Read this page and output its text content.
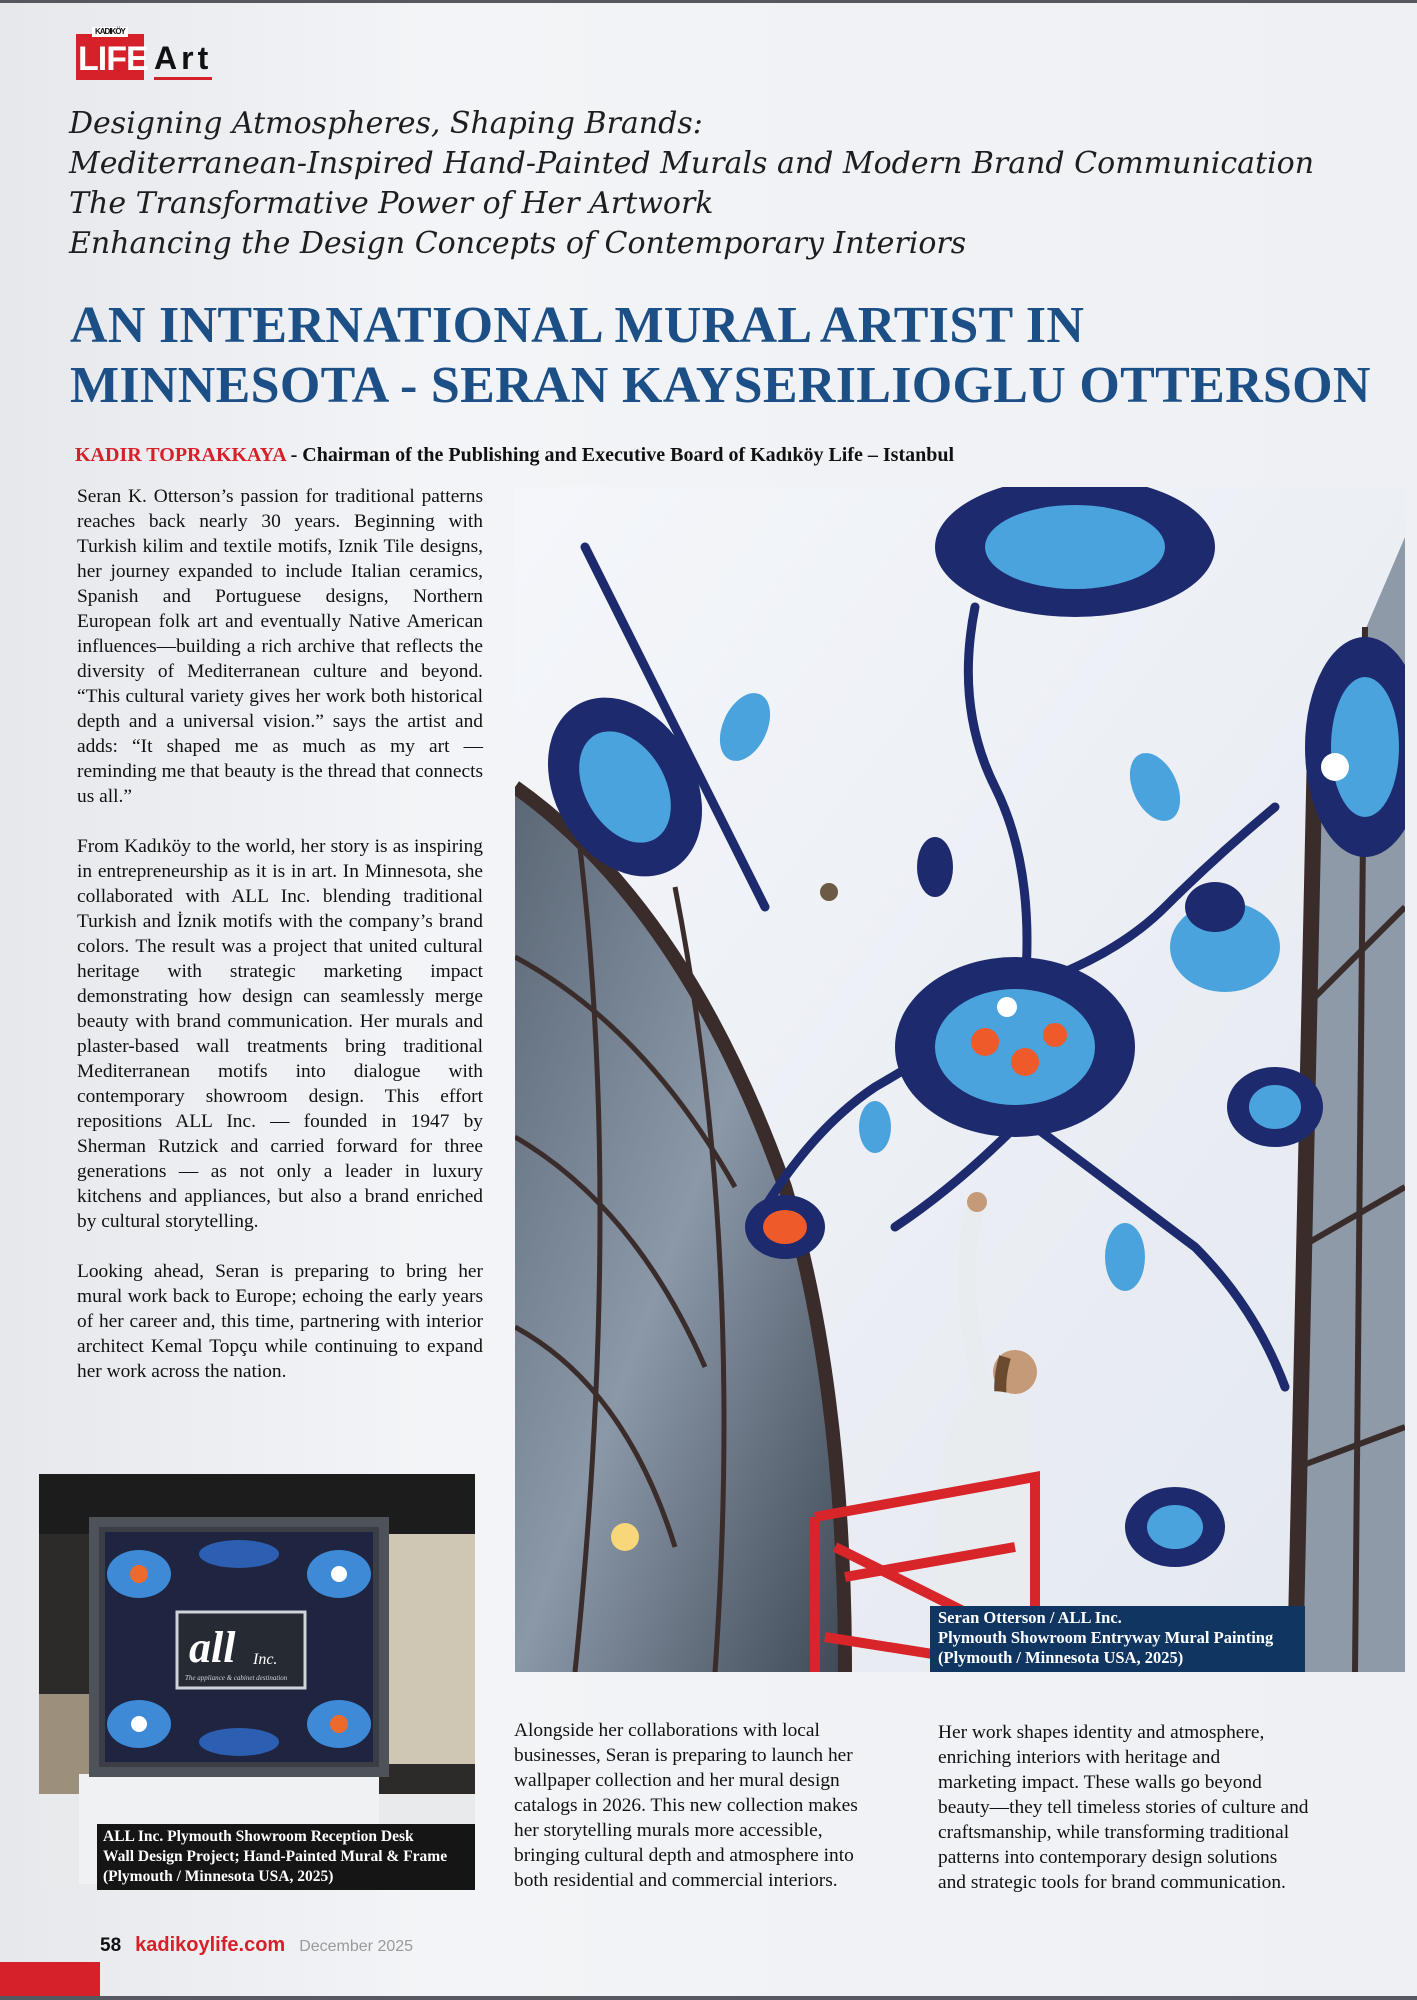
KADIKÖY
LIFE Art
Designing Atmospheres, Shaping Brands:
Mediterranean-Inspired Hand-Painted Murals and Modern Brand Communication
The Transformative Power of Her Artwork
Enhancing the Design Concepts of Contemporary Interiors
AN INTERNATIONAL MURAL ARTIST IN
MINNESOTA - SERAN KAYSERILIOGLU OTTERSON
KADIR TOPRAKKAYA - Chairman of the Publishing and Executive Board of Kadıköy Life – Istanbul

Seran K. Otterson’s passion for traditional patterns reaches back nearly 30 years. Beginning with Turkish kilim and textile motifs, Iznik Tile designs, her journey expanded to include Italian ceramics, Spanish and Portuguese designs, Northern European folk art and eventually Native American influences—building a rich archive that reflects the diversity of Mediterranean culture and beyond. “This cultural variety gives her work both historical depth and a universal vision.” says the artist and adds: “It shaped me as much as my art — reminding me that beauty is the thread that connects us all.”

From Kadıköy to the world, her story is as inspiring in entrepreneurship as it is in art. In Minnesota, she collaborated with ALL Inc. blending traditional Turkish and İznik motifs with the company’s brand colors. The result was a project that united cultural heritage with strategic marketing impact demonstrating how design can seamlessly merge beauty with brand communication. Her murals and plaster-based wall treatments bring traditional Mediterranean motifs into dialogue with contemporary showroom design. This effort repositions ALL Inc. — founded in 1947 by Sherman Rutzick and carried forward for three generations — as not only a leader in luxury kitchens and appliances, but also a brand enriched by cultural storytelling.

Looking ahead, Seran is preparing to bring her mural work back to Europe; echoing the early years of her career and, this time, partnering with interior architect Kemal Topçu while continuing to expand her work across the nation.

Seran Otterson / ALL Inc.
Plymouth Showroom Entryway Mural Painting
(Plymouth / Minnesota USA, 2025)
all Inc.
The appliance & cabinet destination
ALL Inc. Plymouth Showroom Reception Desk
Wall Design Project; Hand-Painted Mural & Frame
(Plymouth / Minnesota USA, 2025)
Alongside her collaborations with local
businesses, Seran is preparing to launch her
wallpaper collection and her mural design
catalogs in 2026. This new collection makes
her storytelling murals more accessible,
bringing cultural depth and atmosphere into
both residential and commercial interiors.
Her work shapes identity and atmosphere,
enriching interiors with heritage and
marketing impact. These walls go beyond
beauty—they tell timeless stories of culture and
craftsmanship, while transforming traditional
patterns into contemporary design solutions
and strategic tools for brand communication.
58 kadikoylife.com December 2025
